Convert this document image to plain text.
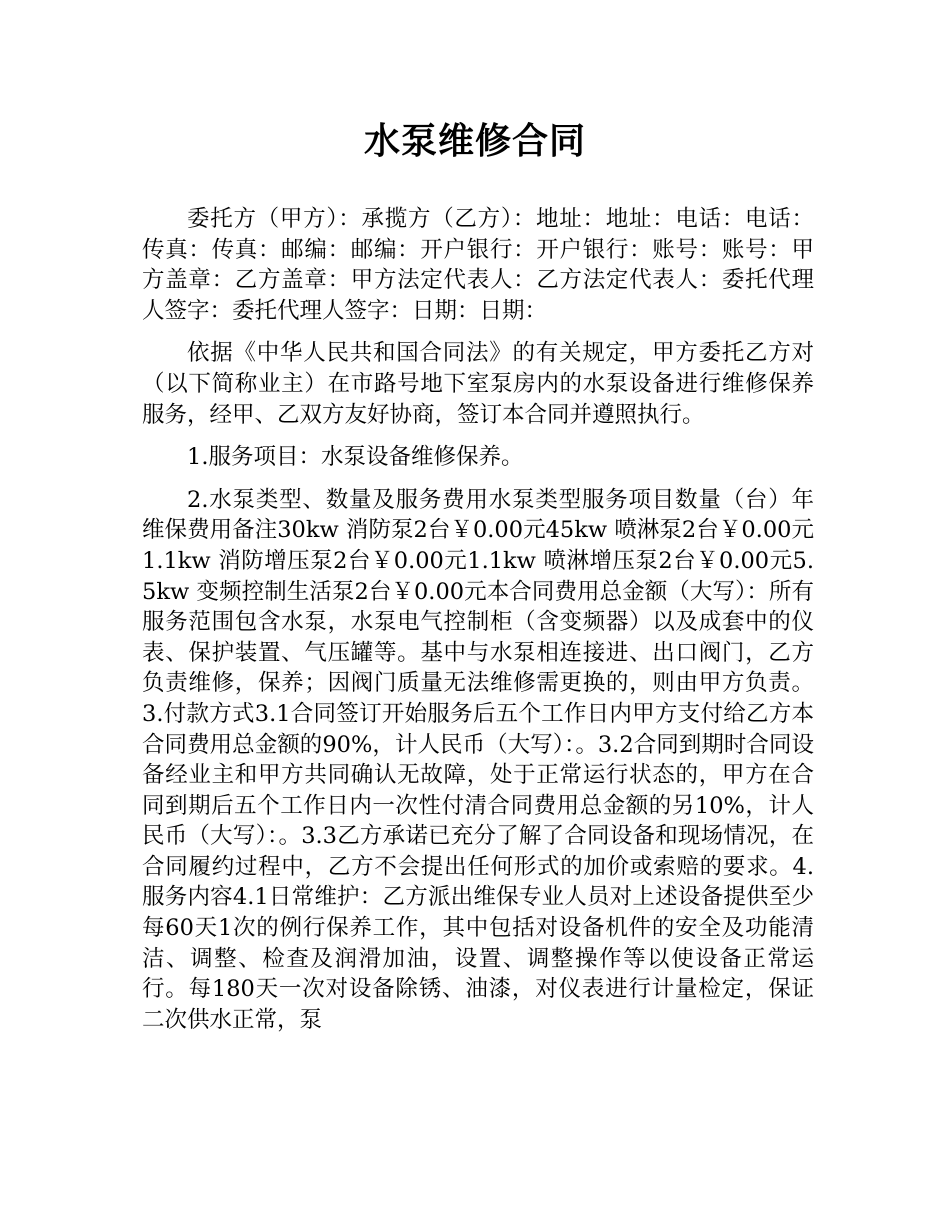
水泵维修合同

委托方（甲方）：承揽方（乙方）：地址：地址：电话：电话：传真：传真：邮编：邮编：开户银行：开户银行：账号：账号：甲方盖章：乙方盖章：甲方法定代表人：乙方法定代表人：委托代理人签字：委托代理人签字：日期：日期：

依据《中华人民共和国合同法》的有关规定，甲方委托乙方对（以下简称业主）在市路号地下室泵房内的水泵设备进行维修保养服务，经甲、乙双方友好协商，签订本合同并遵照执行。

1.服务项目：水泵设备维修保养。

2.水泵类型、数量及服务费用水泵类型服务项目数量（台）年维保费用备注30kw 消防泵2台￥0.00元45kw 喷淋泵2台￥0.00元1.1kw 消防增压泵2台￥0.00元1.1kw 喷淋增压泵2台￥0.00元5.5kw 变频控制生活泵2台￥0.00元本合同费用总金额（大写）：所有服务范围包含水泵，水泵电气控制柜（含变频器）以及成套中的仪表、保护装置、气压罐等。基中与水泵相连接进、出口阀门，乙方负责维修，保养；因阀门质量无法维修需更换的，则由甲方负责。3.付款方式3.1合同签订开始服务后五个工作日内甲方支付给乙方本合同费用总金额的90%，计人民币（大写）：。3.2合同到期时合同设备经业主和甲方共同确认无故障，处于正常运行状态的，甲方在合同到期后五个工作日内一次性付清合同费用总金额的另10%，计人民币（大写）：。3.3乙方承诺已充分了解了合同设备和现场情况，在合同履约过程中，乙方不会提出任何形式的加价或索赔的要求。4.服务内容4.1日常维护：乙方派出维保专业人员对上述设备提供至少每60天1次的例行保养工作，其中包括对设备机件的安全及功能清洁、调整、检查及润滑加油，设置、调整操作等以使设备正常运行。每180天一次对设备除锈、油漆，对仪表进行计量检定，保证二次供水正常，泵
